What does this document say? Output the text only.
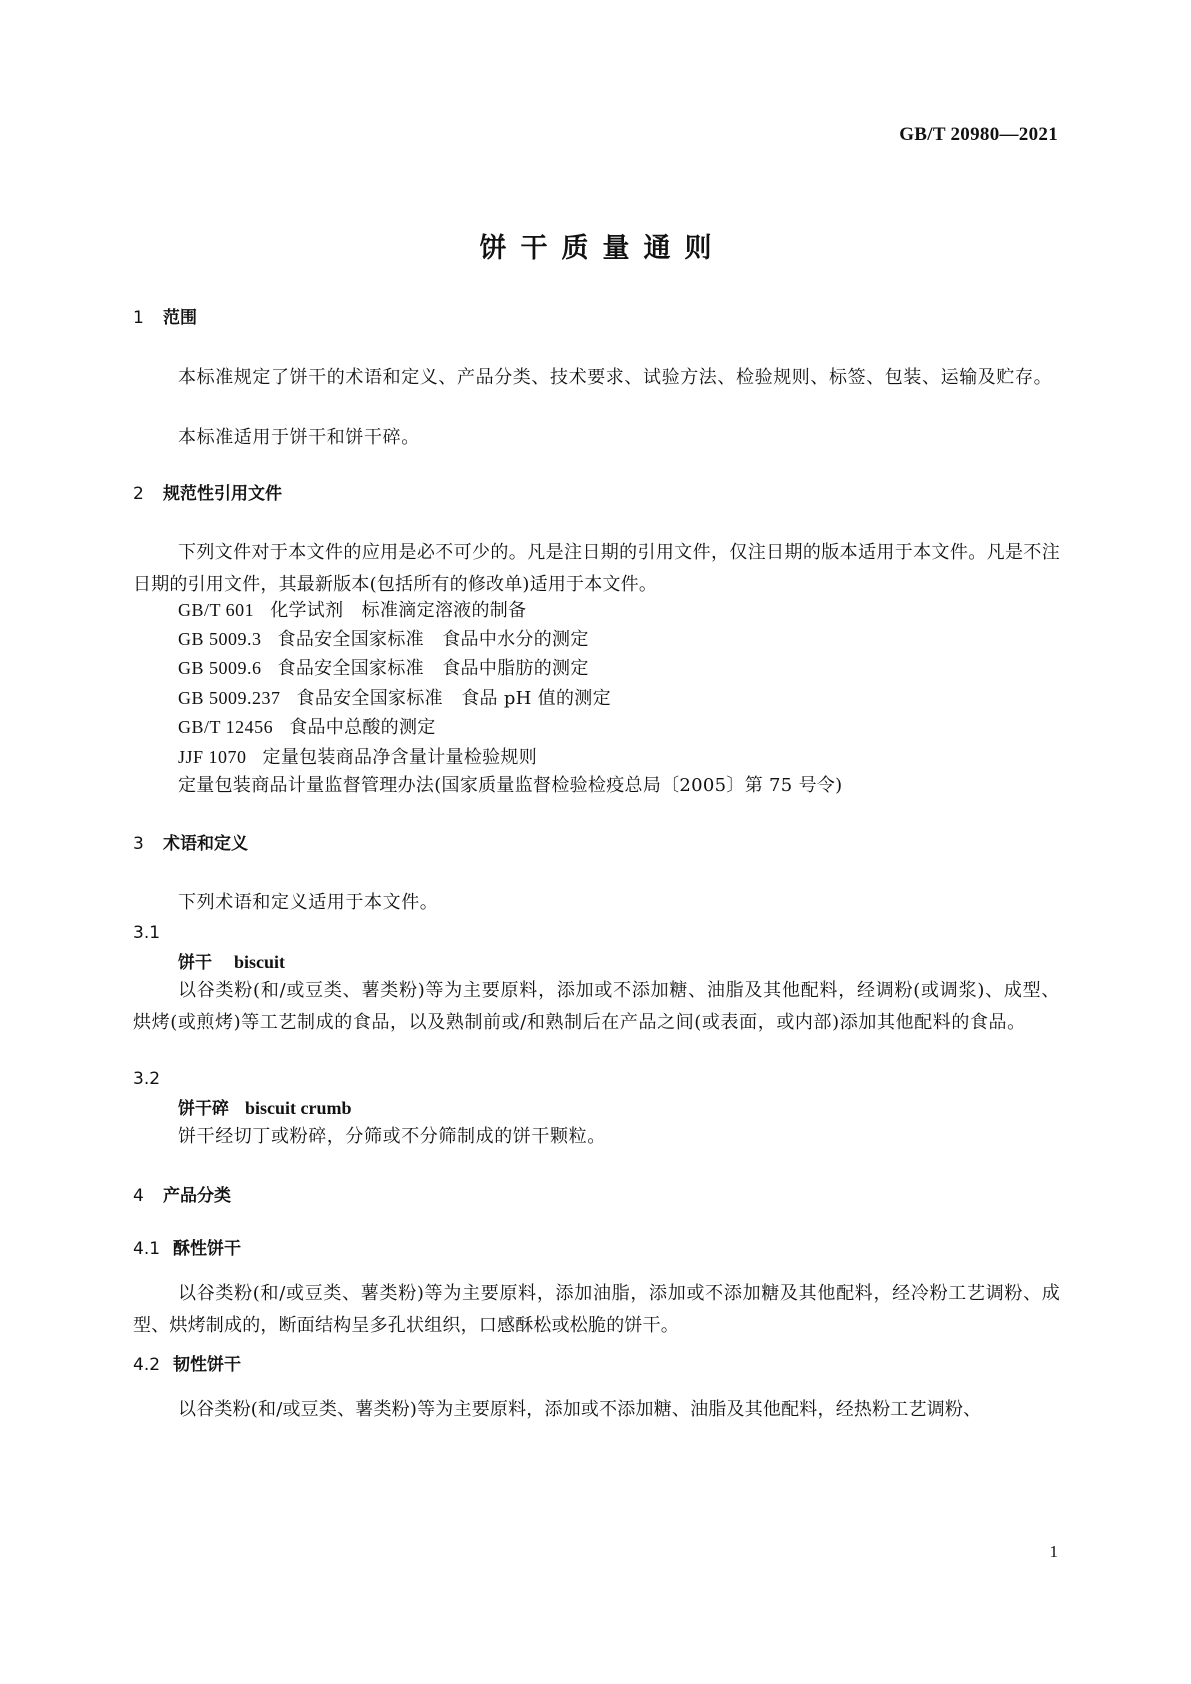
GB/T 20980—2021

饼干质量通则
1 范围

本标准规定了饼干的术语和定义、产品分类、技术要求、试验方法、检验规则、标签、包装、运输及贮存。

本标准适用于饼干和饼干碎。

2 规范性引用文件

下列文件对于本文件的应用是必不可少的。凡是注日期的引用文件，仅注日期的版本适用于本文件。凡是不注日期的引用文件，其最新版本(包括所有的修改单)适用于本文件。

GB/T 601 化学试剂　标准滴定溶液的制备

GB 5009.3 食品安全国家标准　食品中水分的测定

GB 5009.6 食品安全国家标准　食品中脂肪的测定

GB 5009.237 食品安全国家标准　食品 pH 值的测定

GB/T 12456 食品中总酸的测定

JJF 1070 定量包装商品净含量计量检验规则

定量包装商品计量监督管理办法(国家质量监督检验检疫总局〔2005〕第 75 号令)

3 术语和定义

下列术语和定义适用于本文件。

3.1

饼干 biscuit

以谷类粉(和/或豆类、薯类粉)等为主要原料，添加或不添加糖、油脂及其他配料，经调粉(或调浆)、成型、烘烤(或煎烤)等工艺制成的食品，以及熟制前或/和熟制后在产品之间(或表面，或内部)添加其他配料的食品。

3.2

饼干碎 biscuit crumb

饼干经切丁或粉碎，分筛或不分筛制成的饼干颗粒。

4 产品分类
4.1 酥性饼干

以谷类粉(和/或豆类、薯类粉)等为主要原料，添加油脂，添加或不添加糖及其他配料，经冷粉工艺调粉、成型、烘烤制成的，断面结构呈多孔状组织，口感酥松或松脆的饼干。

4.2 韧性饼干

以谷类粉(和/或豆类、薯类粉)等为主要原料，添加或不添加糖、油脂及其他配料，经热粉工艺调粉、

1
